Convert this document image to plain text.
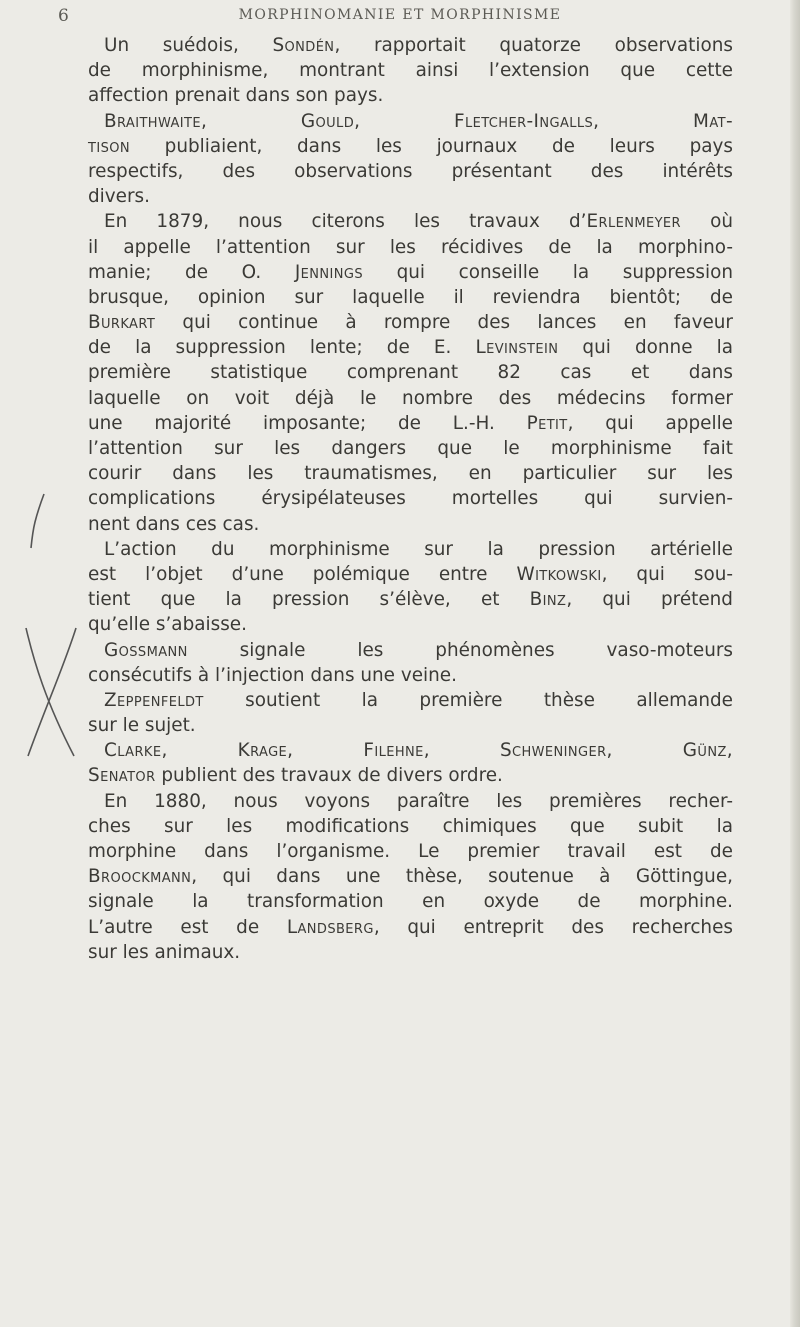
6	MORPHINOMANIE ET MORPHINISME
Un suédois, Sondén, rapportait quatorze observations
de morphinisme, montrant ainsi l’extension que cette
affection prenait dans son pays.
Braithwaite, Gould, Fletcher-Ingalls, Mat-
tison publiaient, dans les journaux de leurs pays
respectifs, des observations présentant des intérêts
divers.
En 1879, nous citerons les travaux d’Erlenmeyer où
il appelle l’attention sur les récidives de la morphino-
manie; de O. Jennings qui conseille la suppression
brusque, opinion sur laquelle il reviendra bientôt; de
Burkart qui continue à rompre des lances en faveur
de la suppression lente; de E. Levinstein qui donne la
première statistique comprenant 82 cas et dans
laquelle on voit déjà le nombre des médecins former
une majorité imposante; de L.-H. Petit, qui appelle
l’attention sur les dangers que le morphinisme fait
courir dans les traumatismes, en particulier sur les
complications érysipélateuses mortelles qui survien-
nent dans ces cas.
L’action du morphinisme sur la pression artérielle
est l’objet d’une polémique entre Witkowski, qui sou-
tient que la pression s’élève, et Binz, qui prétend
qu’elle s’abaisse.
Gossmann signale les phénomènes vaso-moteurs
consécutifs à l’injection dans une veine.
Zeppenfeldt soutient la première thèse allemande
sur le sujet.
Clarke, Krage, Filehne, Schweninger, Günz,
Senator publient des travaux de divers ordre.
En 1880, nous voyons paraître les premières recher-
ches sur les modifications chimiques que subit la
morphine dans l’organisme. Le premier travail est de
Broockmann, qui dans une thèse, soutenue à Göttingue,
signale la transformation en oxyde de morphine.
L’autre est de Landsberg, qui entreprit des recherches
sur les animaux.
